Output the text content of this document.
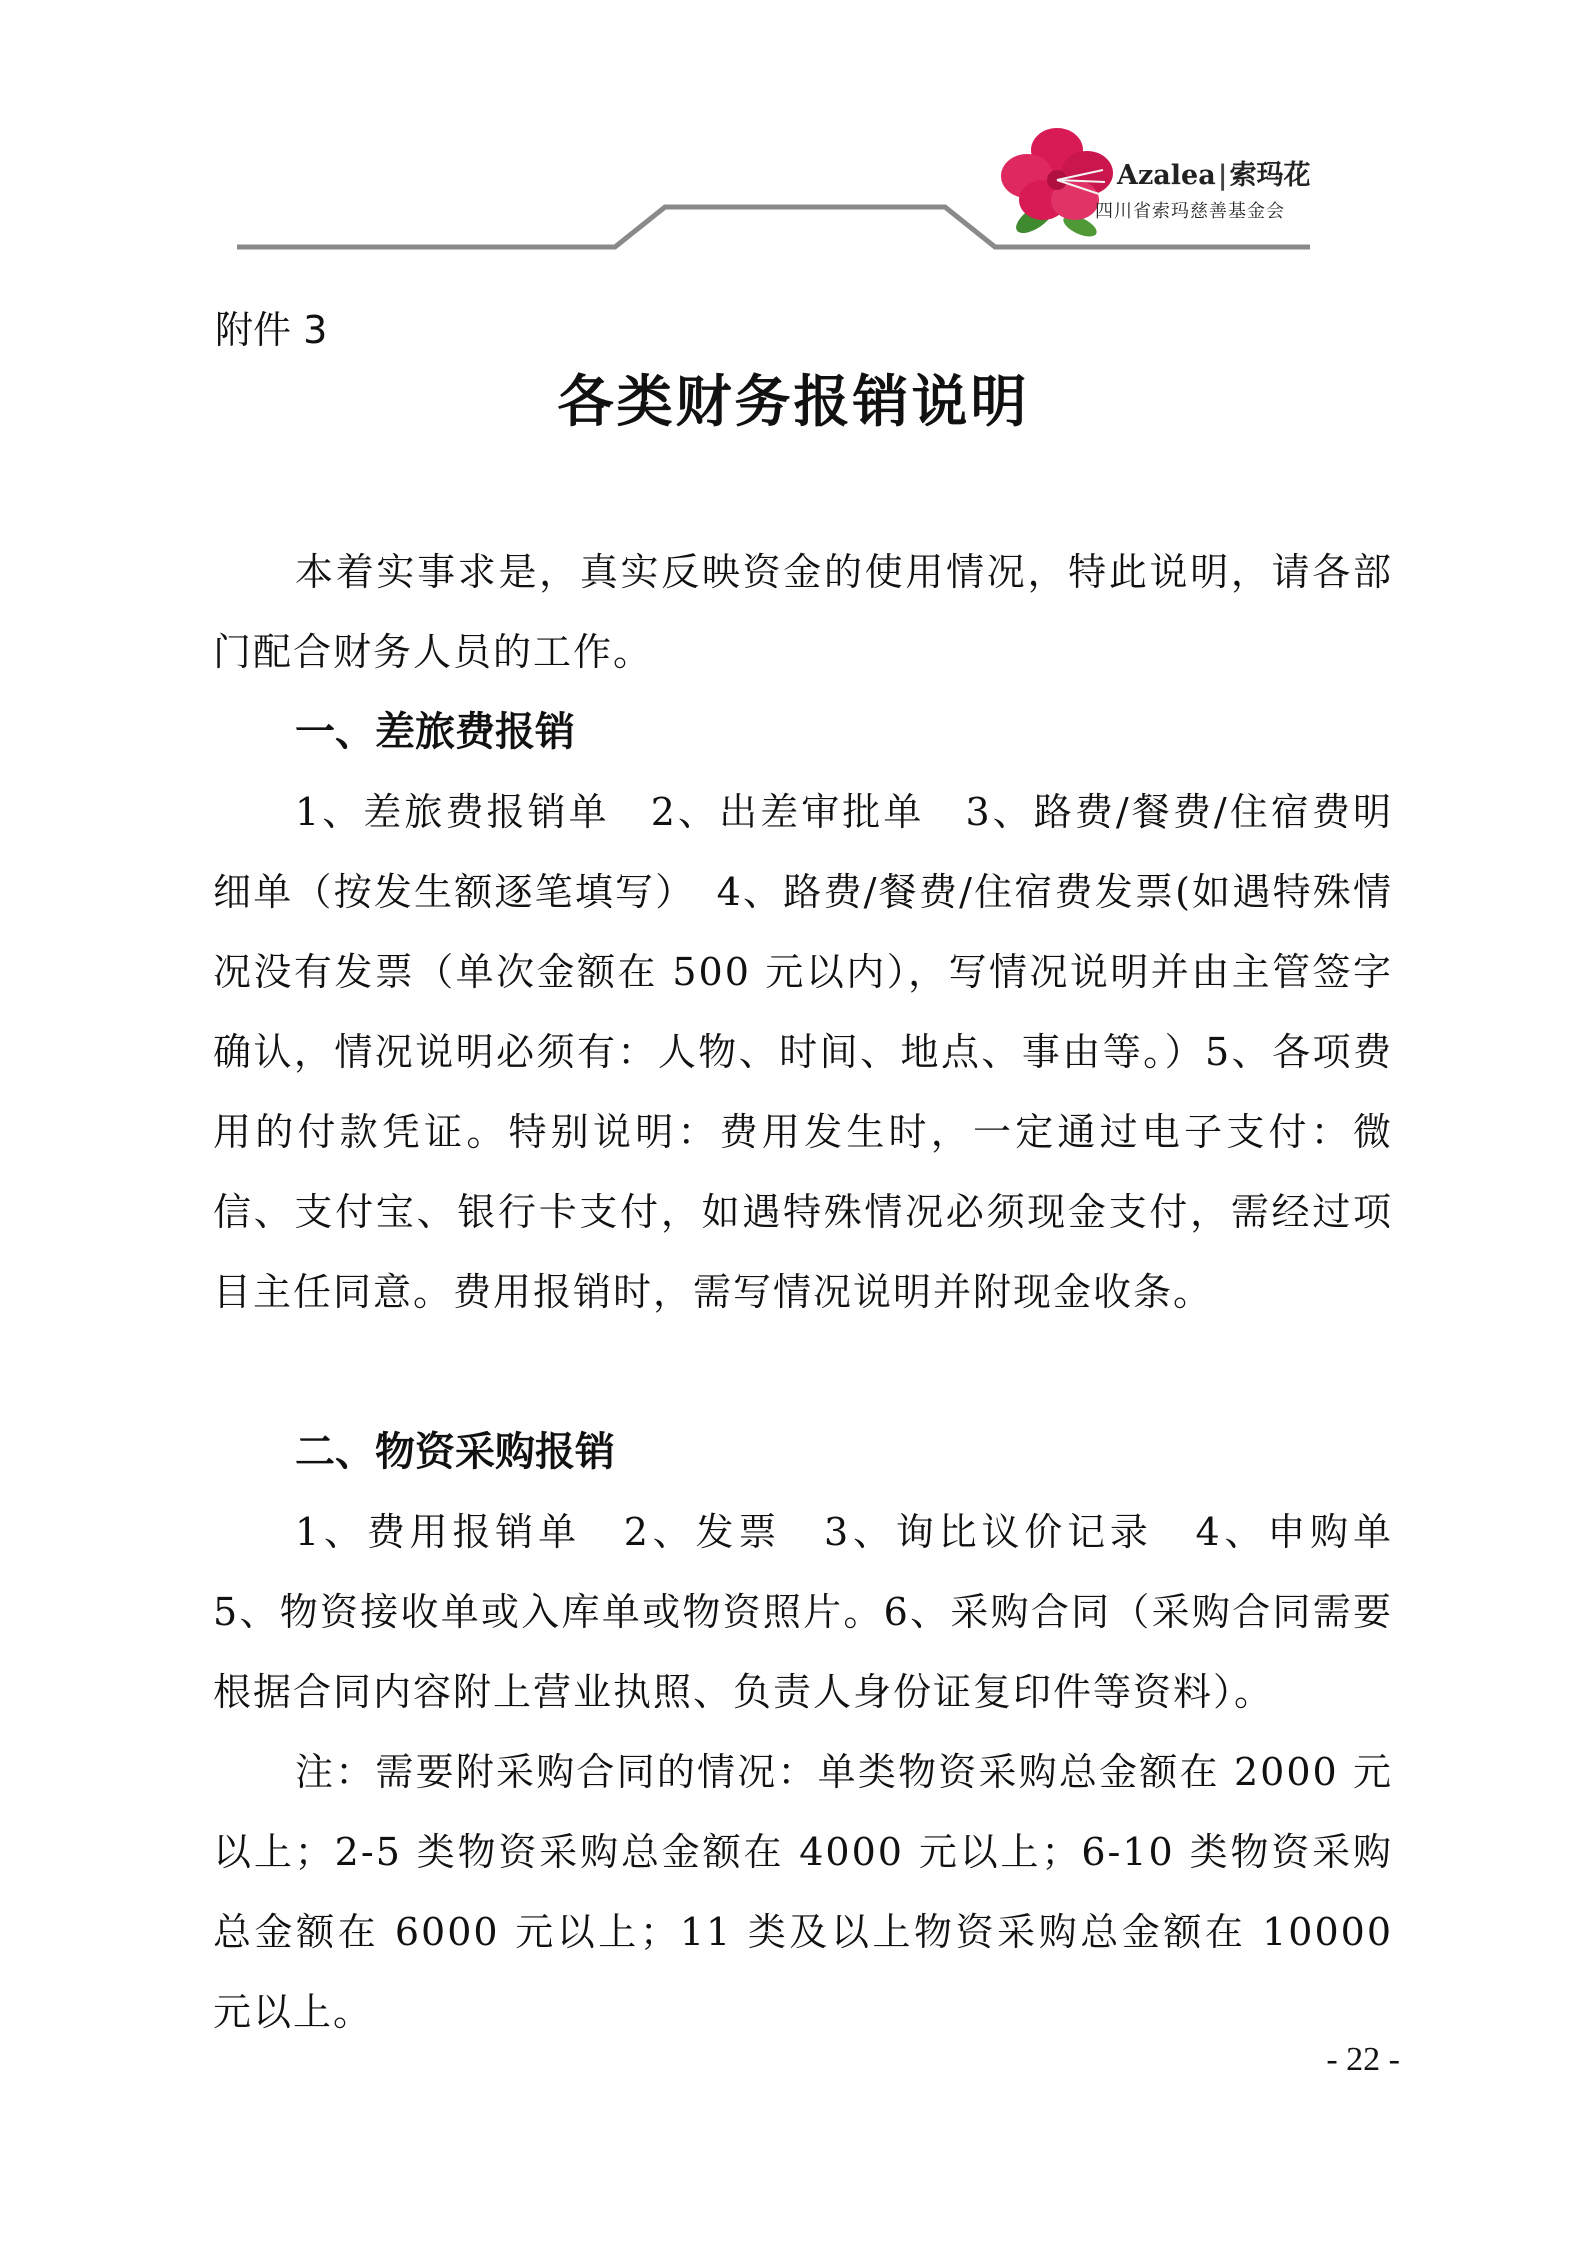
Azalea|索玛花
四川省索玛慈善基金会
附件 3
各类财务报销说明
本着实事求是，真实反映资金的使用情况，特此说明，请各部门配合财务人员的工作。
一、差旅费报销
1、差旅费报销单　2、出差审批单　3、路费/餐费/住宿费明细单（按发生额逐笔填写）　4、路费/餐费/住宿费发票(如遇特殊情况没有发票（单次金额在 500 元以内），写情况说明并由主管签字确认，情况说明必须有：人物、时间、地点、事由等。）5、各项费用的付款凭证。特别说明：费用发生时，一定通过电子支付：微信、支付宝、银行卡支付，如遇特殊情况必须现金支付，需经过项目主任同意。费用报销时，需写情况说明并附现金收条。
二、物资采购报销
1、费用报销单　2、发票　3、询比议价记录　4、申购单 5、物资接收单或入库单或物资照片。6、采购合同（采购合同需要根据合同内容附上营业执照、负责人身份证复印件等资料）。
注：需要附采购合同的情况：单类物资采购总金额在 2000 元以上；2-5 类物资采购总金额在 4000 元以上；6-10 类物资采购总金额在 6000 元以上；11 类及以上物资采购总金额在 10000 元以上。
- 22 -
